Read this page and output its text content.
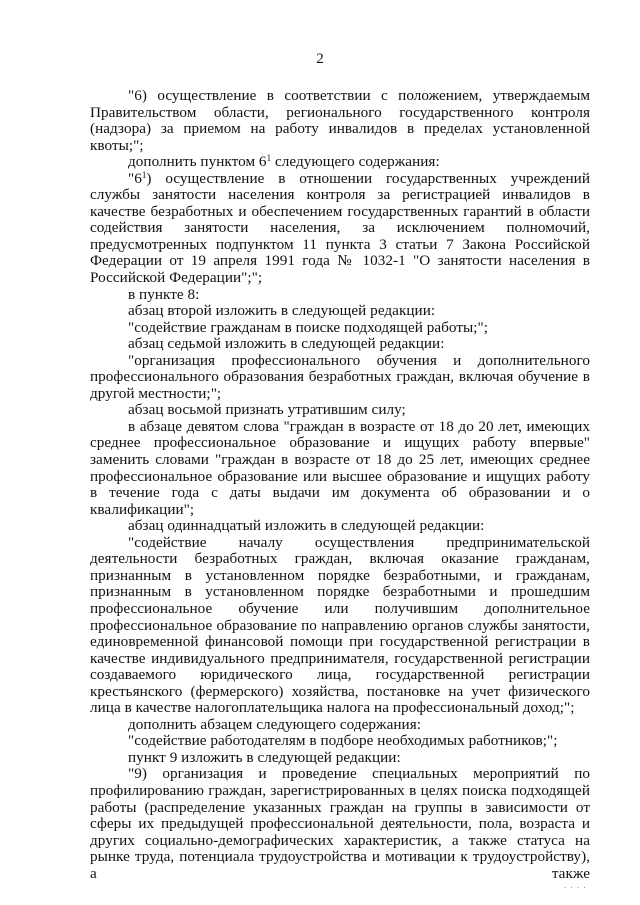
2

"6) осуществление в соответствии с положением, утверждаемым Правительством области, регионального государственного контроля (надзора) за приемом на работу инвалидов в пределах установленной квоты;";

дополнить пунктом $6^1$ следующего содержания:

"$6^1$) осуществление в отношении государственных учреждений службы занятости населения контроля за регистрацией инвалидов в качестве безработных и обеспечением государственных гарантий в области содействия занятости населения, за исключением полномочий, предусмотренных подпунктом 11 пункта 3 статьи 7 Закона Российской Федерации от 19 апреля 1991 года № 1032-1 "О занятости населения в Российской Федерации";";

в пункте 8:

абзац второй изложить в следующей редакции:

"содействие гражданам в поиске подходящей работы;";

абзац седьмой изложить в следующей редакции:

"организация профессионального обучения и дополнительного профессионального образования безработных граждан, включая обучение в другой местности;";

абзац восьмой признать утратившим силу;

в абзаце девятом слова "граждан в возрасте от 18 до 20 лет, имеющих среднее профессиональное образование и ищущих работу впервые" заменить словами "граждан в возрасте от 18 до 25 лет, имеющих среднее профессиональное образование или высшее образование и ищущих работу в течение года с даты выдачи им документа об образовании и о квалификации";

абзац одиннадцатый изложить в следующей редакции:

"содействие началу осуществления предпринимательской деятельности безработных граждан, включая оказание гражданам, признанным в установленном порядке безработными, и гражданам, признанным в установленном порядке безработными и прошедшим профессиональное обучение или получившим дополнительное профессиональное образование по направлению органов службы занятости, единовременной финансовой помощи при государственной регистрации в качестве индивидуального предпринимателя, государственной регистрации создаваемого юридического лица, государственной регистрации крестьянского (фермерского) хозяйства, постановке на учет физического лица в качестве налогоплательщика налога на профессиональный доход;";

дополнить абзацем следующего содержания:

"содействие работодателям в подборе необходимых работников;";

пункт 9 изложить в следующей редакции:

"9) организация и проведение специальных мероприятий по профилированию граждан, зарегистрированных в целях поиска подходящей работы (распределение указанных граждан на группы в зависимости от сферы их предыдущей профессиональной деятельности, пола, возраста и других социально-демографических характеристик, а также статуса на рынке труда, потенциала трудоустройства и мотивации к трудоустройству), а также

· · · ·
